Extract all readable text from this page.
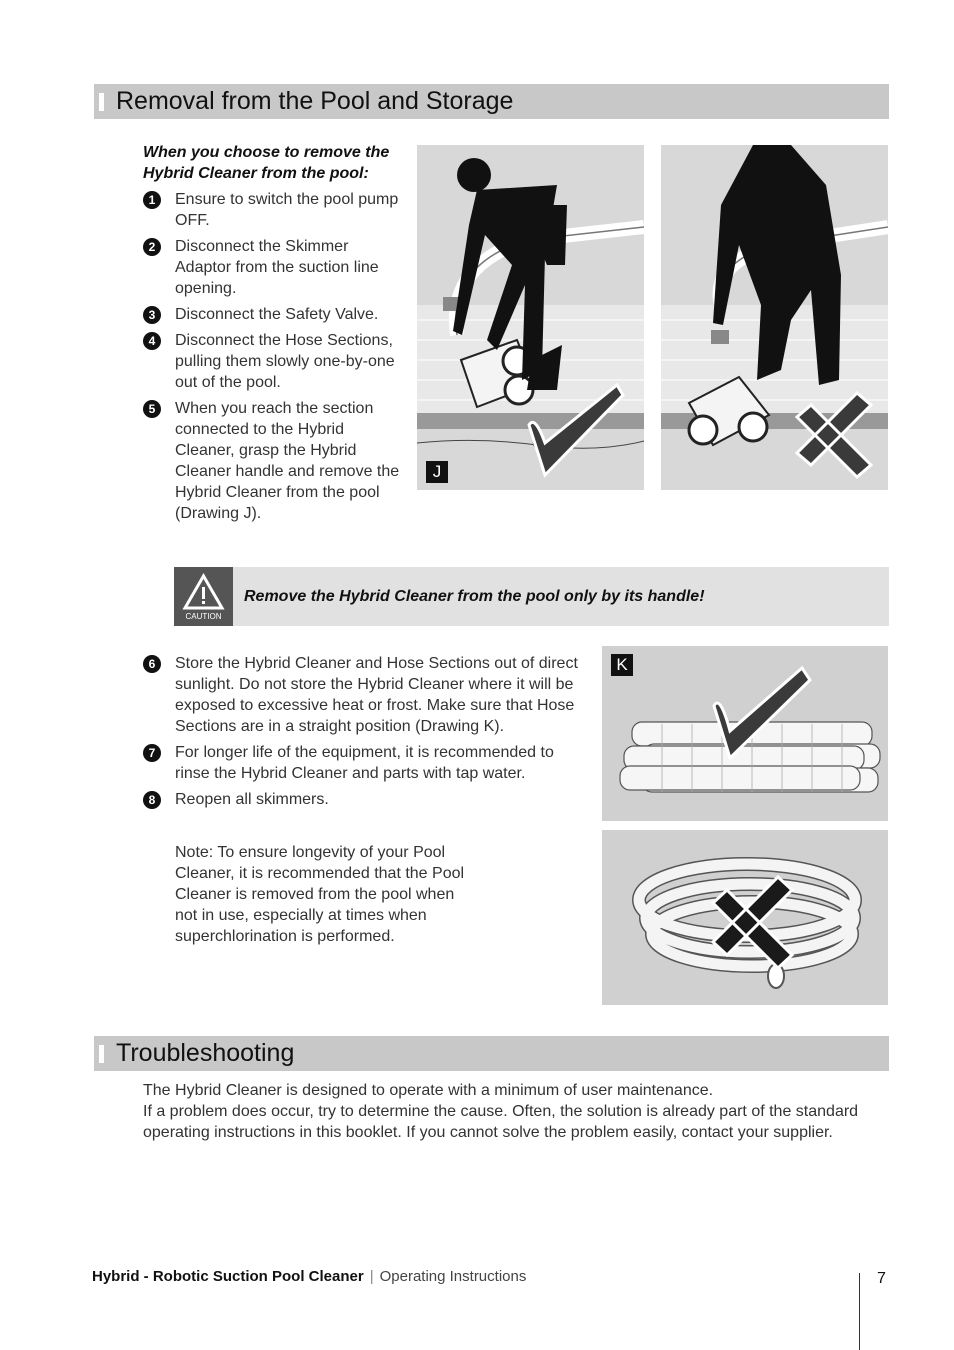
Removal from the Pool and Storage
When you choose to remove the Hybrid Cleaner from the pool:
1	Ensure to switch the pool pump OFF.
2	Disconnect the Skimmer Adaptor from the suction line opening.
3	Disconnect the Safety Valve.
4	Disconnect the Hose Sections, pulling them slowly one-by-one out of the pool.
5	When you reach the section connected to the Hybrid Cleaner, grasp the Hybrid Cleaner handle and remove the Hybrid Cleaner from the pool (Drawing J).
J
CAUTION
Remove the Hybrid Cleaner from the pool only by its handle!
6	Store the Hybrid Cleaner and Hose Sections out of direct sunlight. Do not store the Hybrid Cleaner where it will be exposed to excessive heat or frost. Make sure that Hose Sections are in a straight position (Drawing K).
7	For longer life of the equipment, it is recommended to rinse the Hybrid Cleaner and parts with tap water.
8	Reopen all skimmers.
Note: To ensure longevity of your Pool Cleaner, it is recommended that the Pool Cleaner is removed from the pool when not in use, especially at times when superchlorination is performed.
K
Troubleshooting

The Hybrid Cleaner is designed to operate with a minimum of user maintenance.

If a problem does occur, try to determine the cause. Often, the solution is already part of the standard operating instructions in this booklet. If you cannot solve the problem easily, contact your supplier.

Hybrid - Robotic Suction Pool Cleaner | Operating Instructions	7
